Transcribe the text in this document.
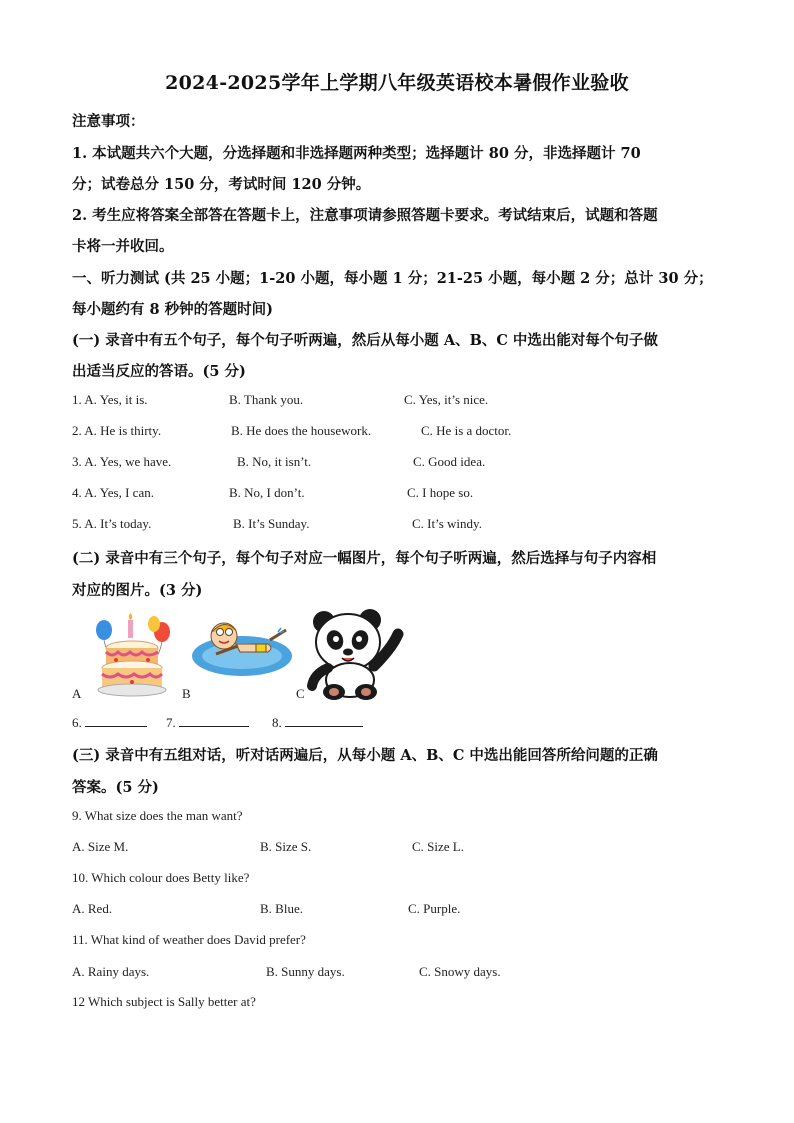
2024-2025学年上学期八年级英语校本暑假作业验收
注意事项：
1. 本试题共六个大题，分选择题和非选择题两种类型；选择题计 80 分，非选择题计 70
分；试卷总分 150 分，考试时间 120 分钟。
2. 考生应将答案全部答在答题卡上，注意事项请参照答题卡要求。考试结束后，试题和答题
卡将一并收回。
一、听力测试 (共 25 小题；1-20 小题，每小题 1 分；21-25 小题，每小题 2 分；总计 30 分；
每小题约有 8 秒钟的答题时间)
(一) 录音中有五个句子，每个句子听两遍，然后从每小题 A、B、C 中选出能对每个句子做
出适当反应的答语。(5 分)
1. A. Yes, it is.	B. Thank you.	C. Yes, it’s nice.
2. A. He is thirty.	B. He does the housework.	C. He is a doctor.
3. A. Yes, we have.	B. No, it isn’t.	C. Good idea.
4. A. Yes, I can.	B. No, I don’t.	C. I hope so.
5. A. It’s today.	B. It’s Sunday.	C. It’s windy.
(二) 录音中有三个句子，每个句子对应一幅图片，每个句子听两遍，然后选择与句子内容相
对应的图片。(3 分)
A	B	C
6.	7.	8.
(三) 录音中有五组对话，听对话两遍后，从每小题 A、B、C 中选出能回答所给问题的正确
答案。(5 分)
9. What size does the man want?
A. Size M.	B. Size S.	C. Size L.
10. Which colour does Betty like?
A. Red.	B. Blue.	C. Purple.
11. What kind of weather does David prefer?
A. Rainy days.	B. Sunny days.	C. Snowy days.
12 Which subject is Sally better at?
